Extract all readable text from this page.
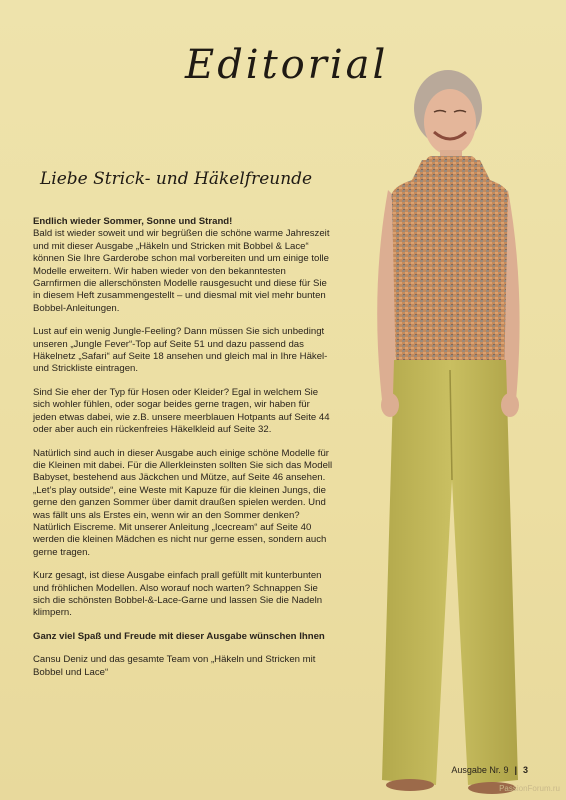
Editorial
Liebe Strick- und Häkelfreunde

Endlich wieder Sommer, Sonne und Strand!

Bald ist wieder soweit und wir begrüßen die schöne warme Jahreszeit und mit dieser Ausgabe „Häkeln und Stricken mit Bobbel & Lace“ können Sie Ihre Garderobe schon mal vorbereiten und um einige tolle Modelle erweitern. Wir haben wieder von den bekanntesten Garnfirmen die allerschönsten Modelle rausgesucht und diese für Sie in diesem Heft zusammengestellt – und diesmal mit viel mehr bunten Bobbel-Anleitungen.

Lust auf ein wenig Jungle-Feeling? Dann müssen Sie sich unbedingt unseren „Jungle Fever“-Top auf Seite 51 und dazu passend das Häkelnetz „Safari“ auf Seite 18 ansehen und gleich mal in Ihre Häkel- und Strickliste eintragen.

Sind Sie eher der Typ für Hosen oder Kleider? Egal in welchem Sie sich wohler fühlen, oder sogar beides gerne tragen, wir haben für jeden etwas dabei, wie z.B. unsere meerblauen Hotpants auf Seite 44 oder aber auch ein rückenfreies Häkelkleid auf Seite 32.

Natürlich sind auch in dieser Ausgabe auch einige schöne Modelle für die Kleinen mit dabei. Für die Allerkleinsten sollten Sie sich das Modell Babyset, bestehend aus Jäckchen und Mütze, auf Seite 46 ansehen. „Let’s play outside“, eine Weste mit Kapuze für die kleinen Jungs, die gerne den ganzen Sommer über damit draußen spielen werden. Und was fällt uns als Erstes ein, wenn wir an den Sommer denken? Natürlich Eiscreme. Mit unserer Anleitung „Icecream“ auf Seite 40 werden die kleinen Mädchen es nicht nur gerne essen, sondern auch gerne tragen.

Kurz gesagt, ist diese Ausgabe einfach prall gefüllt mit kunterbunten und fröhlichen Modellen. Also worauf noch warten? Schnappen Sie sich die schönsten Bobbel-&-Lace-Garne und lassen Sie die Nadeln klimpern.

Ganz viel Spaß und Freude mit dieser Ausgabe wünschen Ihnen

Cansu Deniz und das gesamte Team von „Häkeln und Stricken mit Bobbel und Lace“

Ausgabe Nr. 9 | 3
PassionForum.ru
